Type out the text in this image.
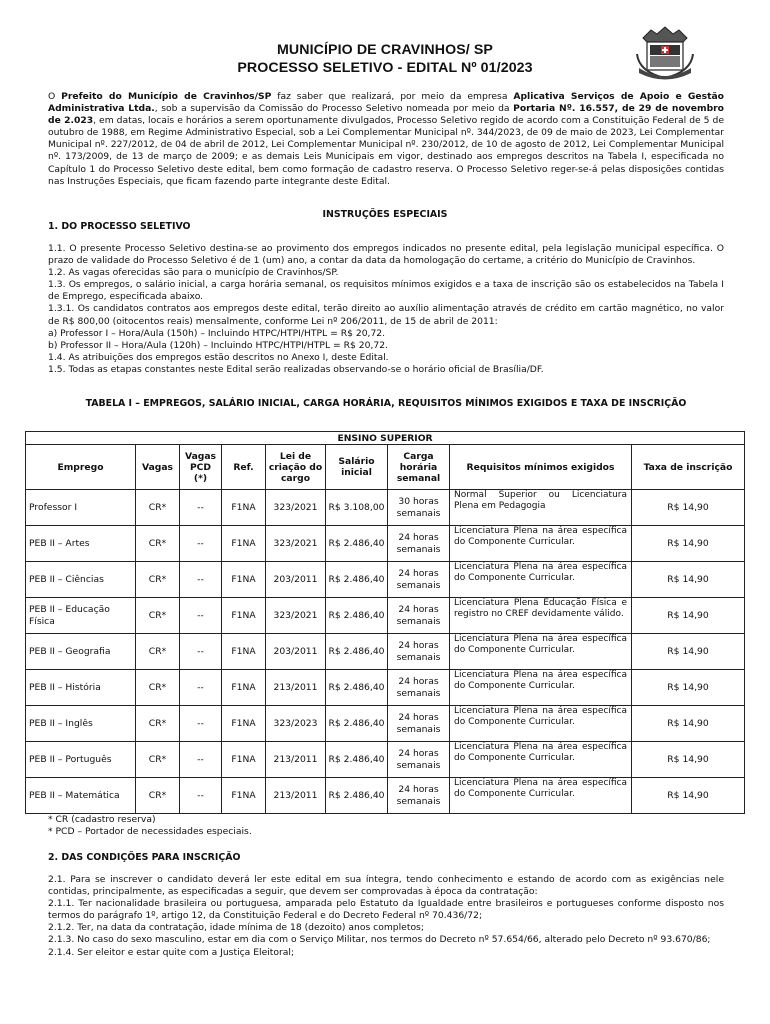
MUNICÍPIO DE CRAVINHOS/ SP
PROCESSO SELETIVO - EDITAL Nº 01/2023
O Prefeito do Município de Cravinhos/SP faz saber que realizará, por meio da empresa Aplicativa Serviços de Apoio e Gestão Administrativa Ltda., sob a supervisão da Comissão do Processo Seletivo nomeada por meio da Portaria Nº. 16.557, de 29 de novembro de 2.023, em datas, locais e horários a serem oportunamente divulgados, Processo Seletivo regido de acordo com a Constituição Federal de 5 de outubro de 1988, em Regime Administrativo Especial, sob a Lei Complementar Municipal nº. 344/2023, de 09 de maio de 2023, Lei Complementar Municipal nº. 227/2012, de 04 de abril de 2012, Lei Complementar Municipal nº. 230/2012, de 10 de agosto de 2012, Lei Complementar Municipal nº. 173/2009, de 13 de março de 2009; e as demais Leis Municipais em vigor, destinado aos empregos descritos na Tabela I, especificada no Capítulo 1 do Processo Seletivo deste edital, bem como formação de cadastro reserva. O Processo Seletivo reger-se-á pelas disposições contidas nas Instruções Especiais, que ficam fazendo parte integrante deste Edital.
INSTRUÇÕES ESPECIAIS
1. DO PROCESSO SELETIVO

1.1. O presente Processo Seletivo destina-se ao provimento dos empregos indicados no presente edital, pela legislação municipal específica. O prazo de validade do Processo Seletivo é de 1 (um) ano, a contar da data da homologação do certame, a critério do Município de Cravinhos.

1.2. As vagas oferecidas são para o município de Cravinhos/SP.

1.3. Os empregos, o salário inicial, a carga horária semanal, os requisitos mínimos exigidos e a taxa de inscrição são os estabelecidos na Tabela I de Emprego, especificada abaixo.

1.3.1. Os candidatos contratos aos empregos deste edital, terão direito ao auxílio alimentação através de crédito em cartão magnético, no valor de R$ 800,00 (oitocentos reais) mensalmente, conforme Lei nº 206/2011, de 15 de abril de 2011:

a) Professor I – Hora/Aula (150h) – Incluindo HTPC/HTPI/HTPL = R$ 20,72.

b) Professor II – Hora/Aula (120h) – Incluindo HTPC/HTPI/HTPL = R$ 20,72.

1.4. As atribuições dos empregos estão descritos no Anexo I, deste Edital.

1.5. Todas as etapas constantes neste Edital serão realizadas observando-se o horário oficial de Brasília/DF.

TABELA I – EMPREGOS, SALÁRIO INICIAL, CARGA HORÁRIA, REQUISITOS MÍNIMOS EXIGIDOS E TAXA DE INSCRIÇÃO
ENSINO SUPERIOR								
Emprego	Vagas	Vagas PCD (*)	Ref.	Lei de criação do cargo	Salário inicial	Carga horária semanal	Requisitos mínimos exigidos	Taxa de inscrição
Professor I	CR*	--	F1NA	323/2021	R$ 3.108,00	30 horas semanais	Normal Superior ou Licenciatura Plena em Pedagogia	R$ 14,90
PEB II – Artes	CR*	--	F1NA	323/2021	R$ 2.486,40	24 horas semanais	Licenciatura Plena na área específica do Componente Curricular.	R$ 14,90
PEB II – Ciências	CR*	--	F1NA	203/2011	R$ 2.486,40	24 horas semanais	Licenciatura Plena na área específica do Componente Curricular.	R$ 14,90
PEB II – Educação Física	CR*	--	F1NA	323/2021	R$ 2.486,40	24 horas semanais	Licenciatura Plena Educação Física e registro no CREF devidamente válido.	R$ 14,90
PEB II – Geografia	CR*	--	F1NA	203/2011	R$ 2.486,40	24 horas semanais	Licenciatura Plena na área específica do Componente Curricular.	R$ 14,90
PEB II – História	CR*	--	F1NA	213/2011	R$ 2.486,40	24 horas semanais	Licenciatura Plena na área específica do Componente Curricular.	R$ 14,90
PEB II – Inglês	CR*	--	F1NA	323/2023	R$ 2.486,40	24 horas semanais	Licenciatura Plena na área específica do Componente Curricular.	R$ 14,90
PEB II – Português	CR*	--	F1NA	213/2011	R$ 2.486,40	24 horas semanais	Licenciatura Plena na área específica do Componente Curricular.	R$ 14,90
PEB II – Matemática	CR*	--	F1NA	213/2011	R$ 2.486,40	24 horas semanais	Licenciatura Plena na área específica do Componente Curricular.	R$ 14,90
* CR (cadastro reserva)
* PCD – Portador de necessidades especiais.
2. DAS CONDIÇÕES PARA INSCRIÇÃO

2.1. Para se inscrever o candidato deverá ler este edital em sua íntegra, tendo conhecimento e estando de acordo com as exigências nele contidas, principalmente, as especificadas a seguir, que devem ser comprovadas à época da contratação:

2.1.1. Ter nacionalidade brasileira ou portuguesa, amparada pelo Estatuto da Igualdade entre brasileiros e portugueses conforme disposto nos termos do parágrafo 1º, artigo 12, da Constituição Federal e do Decreto Federal nº 70.436/72;

2.1.2. Ter, na data da contratação, idade mínima de 18 (dezoito) anos completos;

2.1.3. No caso do sexo masculino, estar em dia com o Serviço Militar, nos termos do Decreto nº 57.654/66, alterado pelo Decreto nº 93.670/86;

2.1.4. Ser eleitor e estar quite com a Justiça Eleitoral;
